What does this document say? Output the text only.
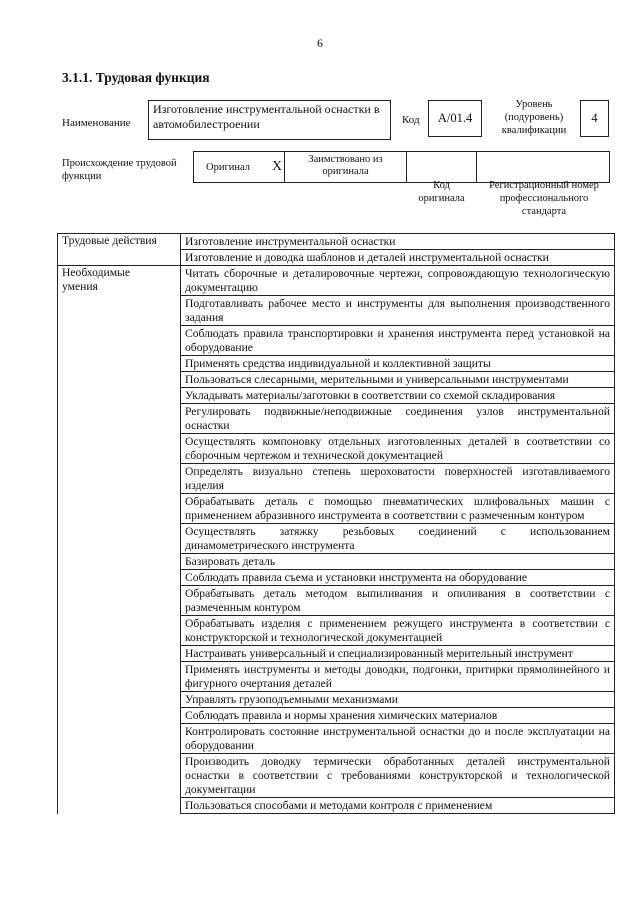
6
3.1.1. Трудовая функция
Наименование
Изготовление инструментальной оснастки в автомобилестроении	Код	А/01.4
Уровень
(подуровень)
квалификации
4
Происхождение трудовой
функции
Оригинал X	Заимствовано из
оригинала
Код
оригинала
Регистрационный номер
профессионального
стандарта
Трудовые действия	Изготовление инструментальной оснастки
	Изготовление и доводка шаблонов и деталей инструментальной оснастки

Необходимые
умения	Читать сборочные и деталировочные чертежи, сопровождающую технологическую документацию
	Подготавливать рабочее место и инструменты для выполнения производственного задания
	Соблюдать правила транспортировки и хранения инструмента перед установкой на оборудование
	Применять средства индивидуальной и коллективной защиты
	Пользоваться слесарными, мерительными и универсальными инструментами
	Укладывать материалы/заготовки в соответствии со схемой складирования
	Регулировать подвижные/неподвижные соединения узлов инструментальной оснастки
	Осуществлять компоновку отдельных изготовленных деталей в соответствии со сборочным чертежом и технической документацией
	Определять визуально степень шероховатости поверхностей изготавливаемого изделия
	Обрабатывать деталь с помощью пневматических шлифовальных машин с применением абразивного инструмента в соответствии с размеченным контуром
	Осуществлять затяжку резьбовых соединений с использованием динамометрического инструмента
	Базировать деталь
	Соблюдать правила съема и установки инструмента на оборудование
	Обрабатывать деталь методом выпиливания и опиливания в соответствии с размеченным контуром
	Обрабатывать изделия с применением режущего инструмента в соответствии с конструкторской и технологической документацией
	Настраивать универсальный и специализированный мерительный инструмент
	Применять инструменты и методы доводки, подгонки, притирки прямолинейного и фигурного очертания деталей
	Управлять грузоподъемными механизмами
	Соблюдать правила и нормы хранения химических материалов
	Контролировать состояние инструментальной оснастки до и после эксплуатации на оборудовании
	Производить доводку термически обработанных деталей инструментальной оснастки в соответствии с требованиями конструкторской и технологической документации
	Пользоваться способами и методами контроля с применением
